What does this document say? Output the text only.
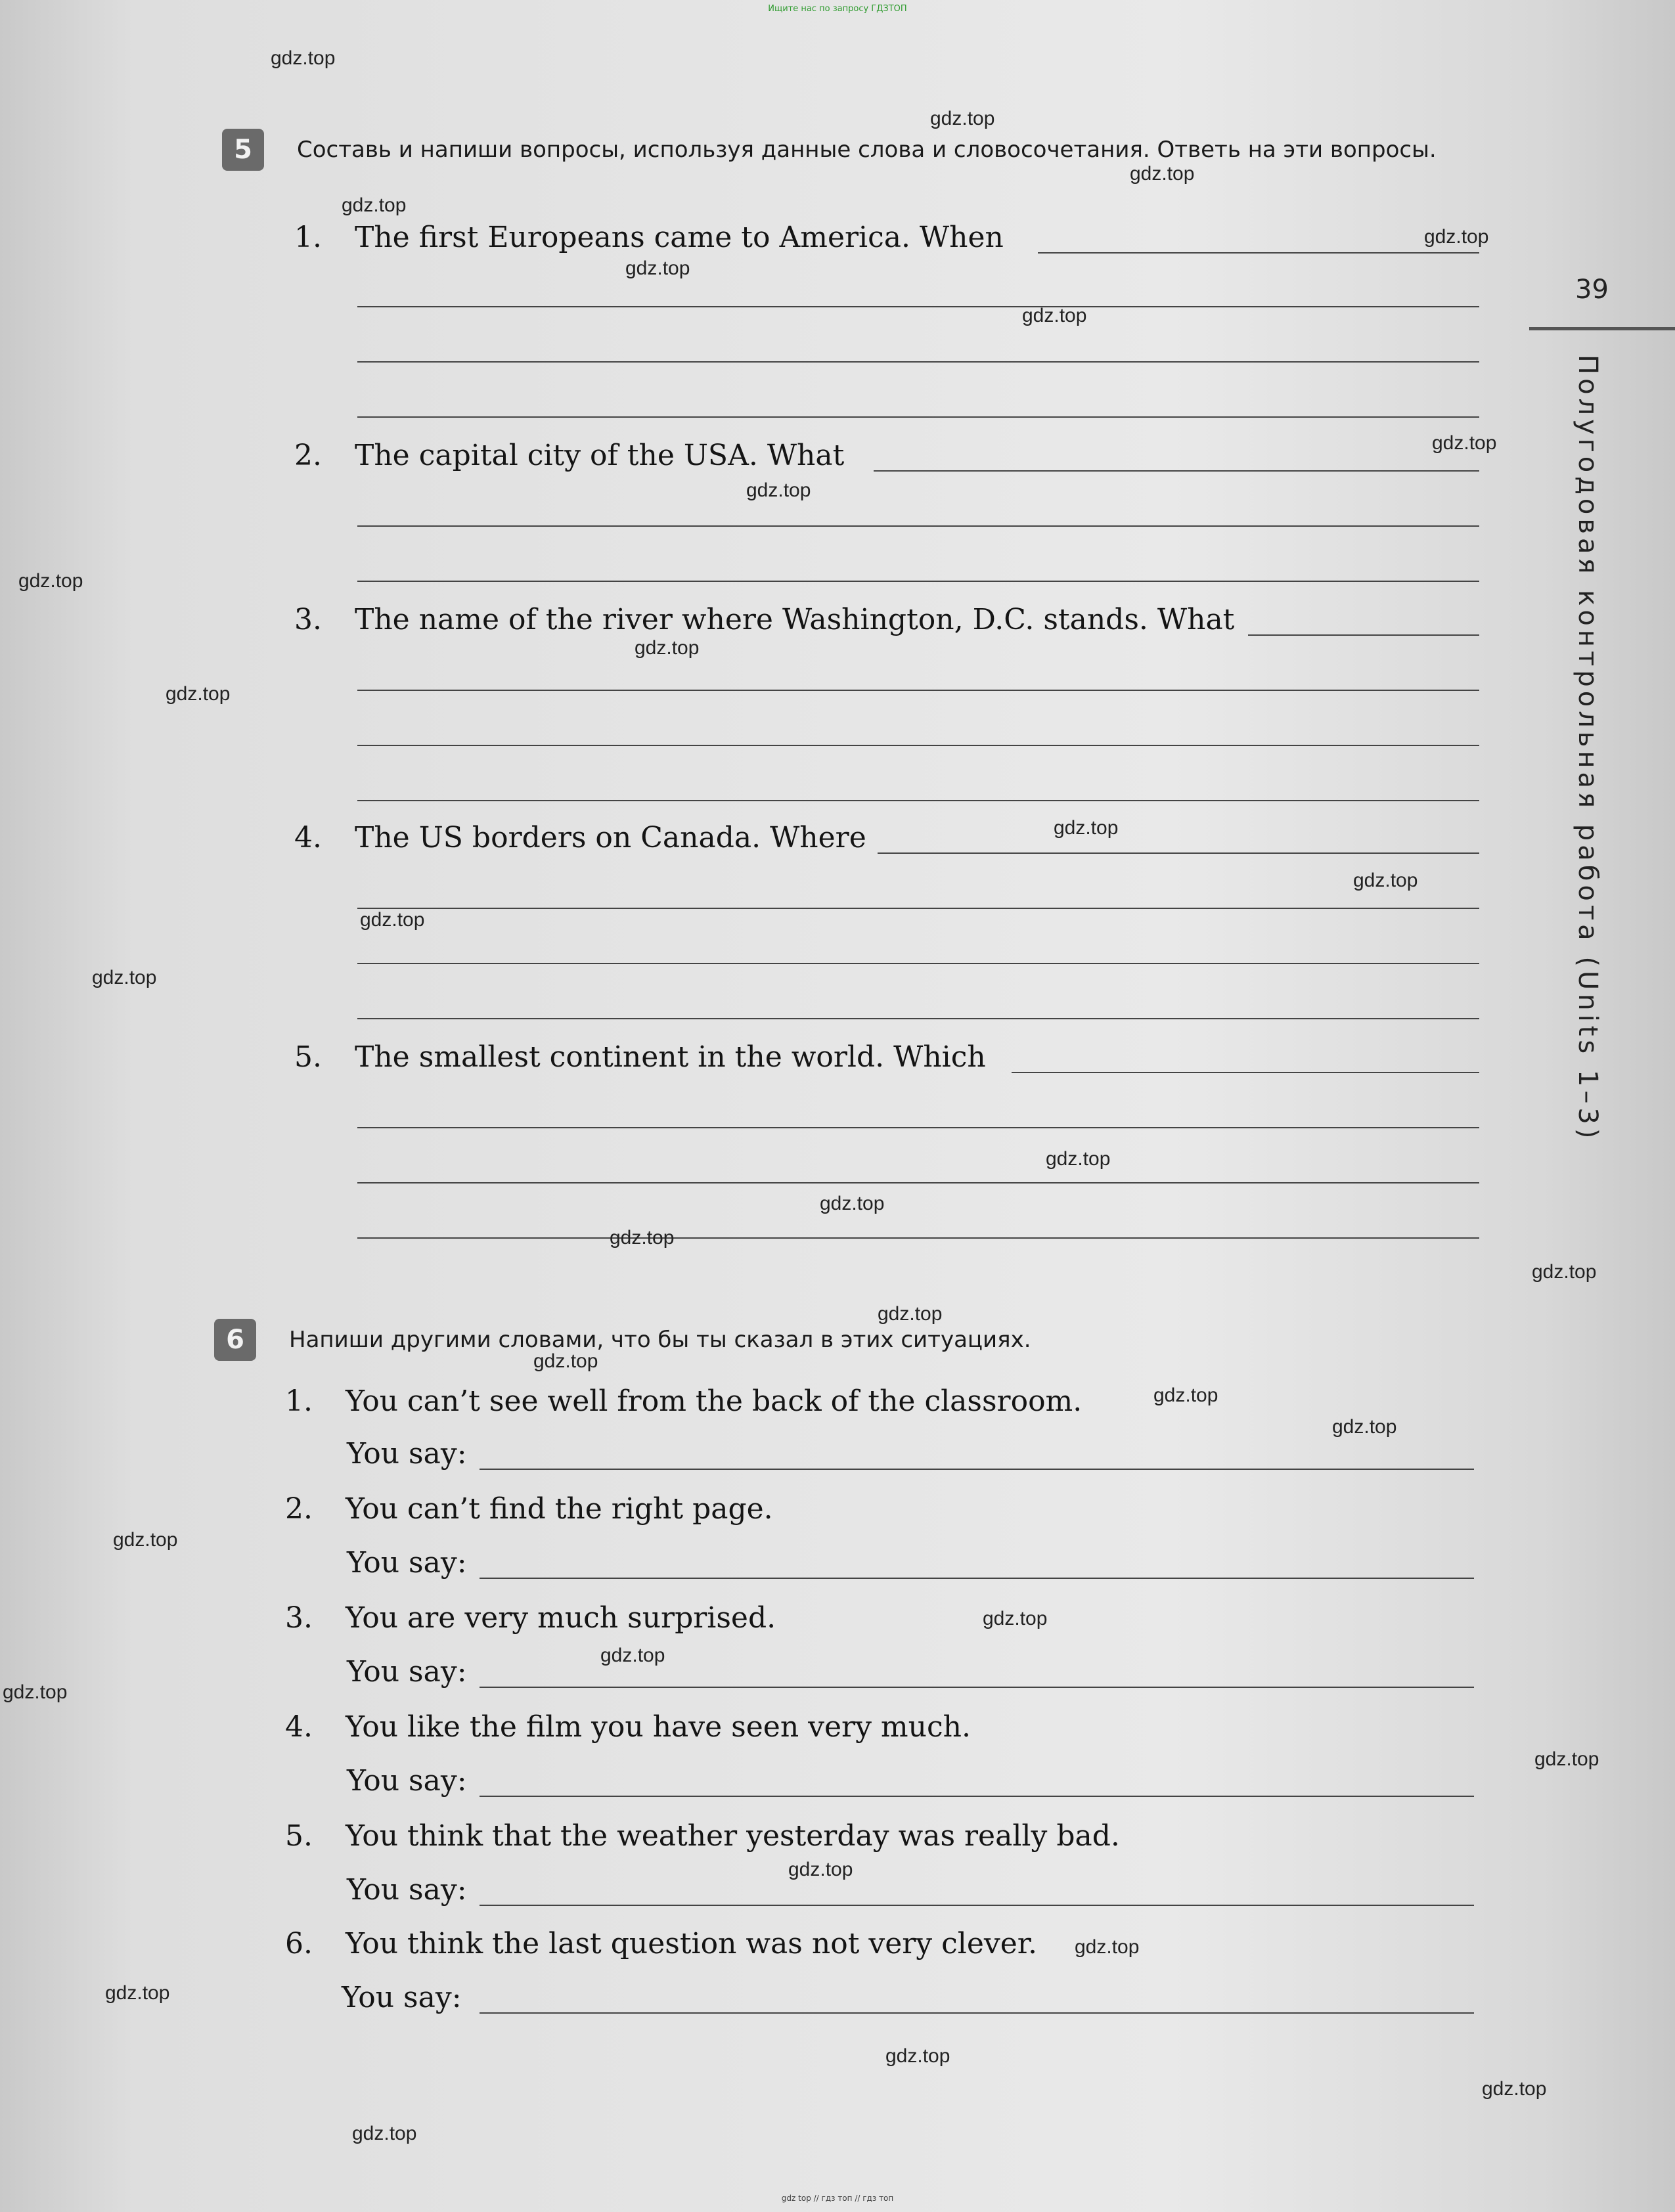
Ищите нас по запросу ГДЗТОП
39
Полугодовая контрольная работа (Units 1–3)
5	Составь и напиши вопросы, используя данные слова и словосочетания. Ответь на эти вопросы.
1. The first Europeans came to America. When
2. The capital city of the USA. What
3. The name of the river where Washington, D.C. stands. What
4. The US borders on Canada. Where
5. The smallest continent in the world. Which
6	Напиши другими словами, что бы ты сказал в этих ситуациях.
1. You can’t see well from the back of the classroom.
You say:
2. You can’t find the right page.
You say:
3. You are very much surprised.
You say:
4. You like the film you have seen very much.
You say:
5. You think that the weather yesterday was really bad.
You say:
6. You think the last question was not very clever.
You say:
gdz.top
gdz.top
gdz.top
gdz.top
gdz.top
gdz.top
gdz.top
gdz.top
gdz.top
gdz.top
gdz.top
gdz.top
gdz.top
gdz.top
gdz.top
gdz.top
gdz.top
gdz.top
gdz.top
gdz.top
gdz.top
gdz.top
gdz.top
gdz.top
gdz.top
gdz.top
gdz.top
gdz.top
gdz.top
gdz.top
gdz.top
gdz.top
gdz.top
gdz.top
gdz.top
gdz top // гдз топ // гдз топ
